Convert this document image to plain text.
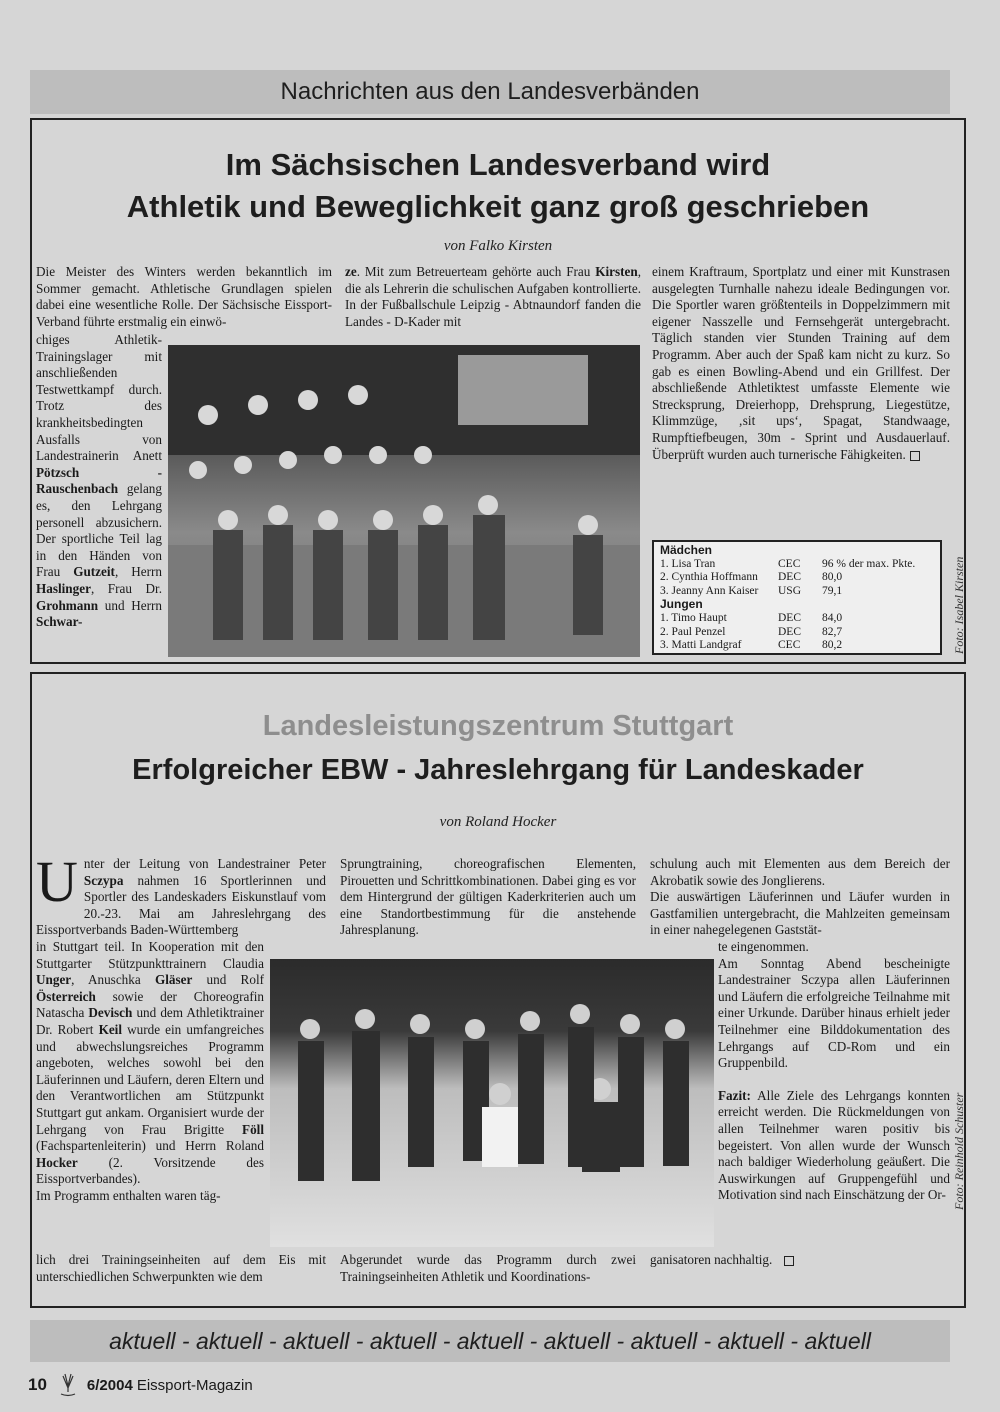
Nachrichten aus den Landesverbänden
Im Sächsischen Landesverband wird
Athletik und Beweglichkeit ganz groß geschrieben
von Falko Kirsten

Die Meister des Winters werden bekanntlich im Sommer gemacht. Athletische Grundlagen spielen dabei eine wesentliche Rolle. Der Sächsische Eissport-Verband führte erstmalig ein einwö-

chiges Athletik-Trainingslager mit anschließenden Testwettkampf durch. Trotz des krankheitsbedingten Ausfalls von Landestrainerin Anett Pötzsch - Rauschenbach gelang es, den Lehrgang personell abzusichern. Der sportliche Teil lag in den Händen von Frau Gutzeit, Herrn Haslinger, Frau Dr. Grohmann und Herrn Schwar-

ze. Mit zum Betreuerteam gehörte auch Frau Kirsten, die als Lehrerin die schulischen Aufgaben kontrollierte. In der Fußballschule Leipzig - Abtnaundorf fanden die Landes - D-Kader mit

einem Kraftraum, Sportplatz und einer mit Kunstrasen ausgelegten Turnhalle nahezu ideale Bedingungen vor. Die Sportler waren größtenteils in Doppelzimmern mit eigener Nasszelle und Fernsehgerät untergebracht. Täglich standen vier Stunden Training auf dem Programm. Aber auch der Spaß kam nicht zu kurz. So gab es einen Bowling-Abend und ein Grillfest. Der abschließende Athletiktest umfasste Elemente wie Strecksprung, Dreierhopp, Drehsprung, Liegestütze, Klimmzüge, ‚sit ups‘, Spagat, Standwaage, Rumpftiefbeugen, 30m - Sprint und Ausdauerlauf. Überprüft wurden auch turnerische Fähigkeiten.

Mädchen
1. Lisa Tran	CEC	96 % der max. Pkte.
2. Cynthia Hoffmann	DEC	80,0
3. Jeanny Ann Kaiser	USG	79,1
Jungen
1. Timo Haupt	DEC	84,0
2. Paul Penzel	DEC	82,7
3. Matti Landgraf	CEC	80,2	Foto: Isabel Kirsten
Landesleistungszentrum Stuttgart
Erfolgreicher EBW - Jahreslehrgang für Landeskader
von Roland Hocker

Unter der Leitung von Landestrainer Peter Sczypa nahmen 16 Sportlerinnen und Sportler des Landeskaders Eiskunstlauf vom 20.-23. Mai am Jahreslehrgang des Eissportverbands Baden-Württemberg

in Stuttgart teil. In Kooperation mit den Stuttgarter Stützpunkttrainern Claudia Unger, Anuschka Gläser und Rolf Österreich sowie der Choreografin Natascha Devisch und dem Athletiktrainer Dr. Robert Keil wurde ein umfangreiches und abwechslungsreiches Programm angeboten, welches sowohl bei den Läuferinnen und Läufern, deren Eltern und den Verantwortlichen am Stützpunkt Stuttgart gut ankam. Organisiert wurde der Lehrgang von Frau Brigitte Föll (Fachspartenleiterin) und Herrn Roland Hocker (2. Vorsitzende des Eissportverbandes).

Im Programm enthalten waren täg-

lich drei Trainingseinheiten auf dem Eis mit unterschiedlichen Schwerpunkten wie dem

Sprungtraining, choreografischen Elementen, Pirouetten und Schrittkombinationen. Dabei ging es vor dem Hintergrund der gültigen Kaderkriterien auch um eine Standortbestimmung für die anstehende Jahresplanung.

Abgerundet wurde das Programm durch zwei Trainingseinheiten Athletik und Koordinations-

schulung auch mit Elementen aus dem Bereich der Akrobatik sowie des Jonglierens.

Die auswärtigen Läuferinnen und Läufer wurden in Gastfamilien untergebracht, die Mahlzeiten gemeinsam in einer nahegelegenen Gaststät-

te eingenommen.

Am Sonntag Abend bescheinigte Landestrainer Sczypa allen Läuferinnen und Läufern die erfolgreiche Teilnahme mit einer Urkunde. Darüber hinaus erhielt jeder Teilnehmer eine Bilddokumentation des Lehrgangs auf CD-Rom und ein Gruppenbild.

Fazit: Alle Ziele des Lehrgangs konnten erreicht werden. Die Rückmeldungen von allen Teilnehmer waren positiv bis begeistert. Von allen wurde der Wunsch nach baldiger Wiederholung geäußert. Die Auswirkungen auf Gruppengefühl und Motivation sind nach Einschätzung der Or-

ganisatoren nachhaltig.

Foto: Reinhold Schuster
aktuell - aktuell - aktuell - aktuell - aktuell - aktuell - aktuell - aktuell - aktuell
10	6/2004 Eissport-Magazin
